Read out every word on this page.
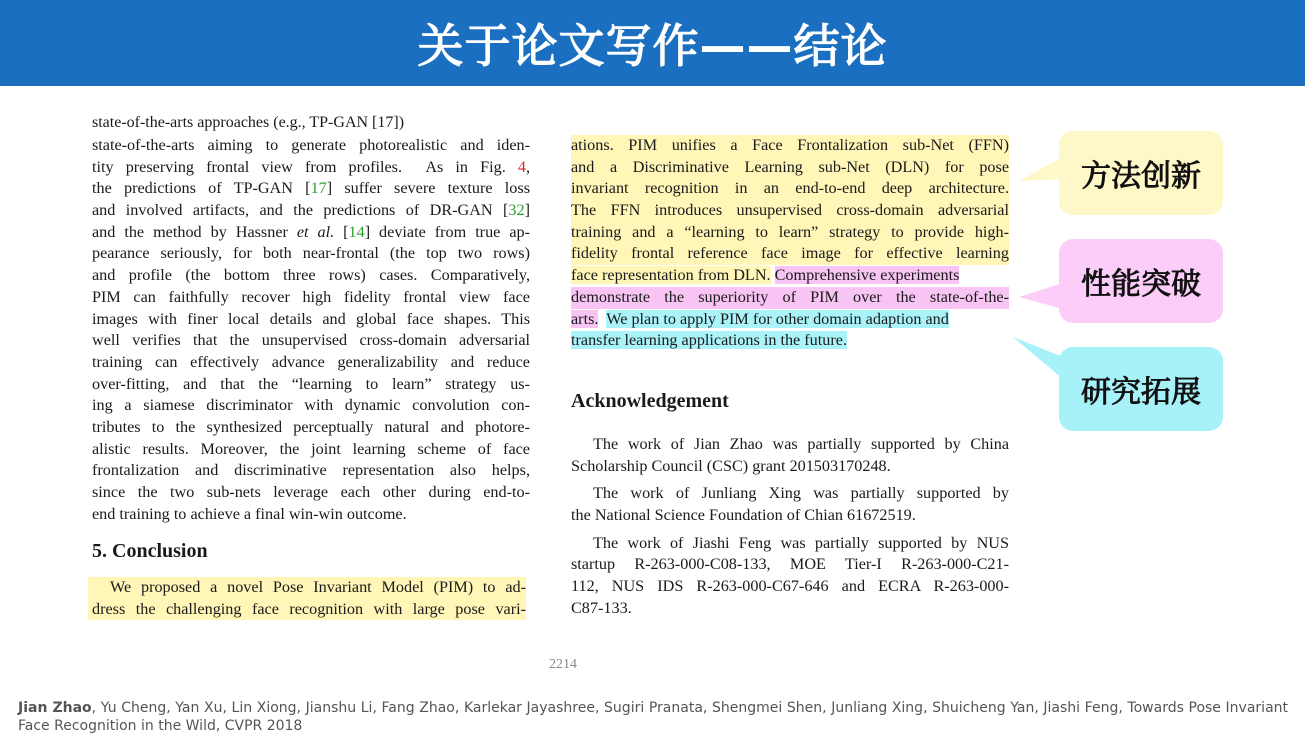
关于论文写作——结论
state-of-the-arts approaches (e.g., TP-GAN [17])
state-of-the-arts aiming to generate photorealistic and iden-
tity preserving frontal view from profiles.  As in Fig. 4,
the predictions of TP-GAN [17] suffer severe texture loss
and involved artifacts, and the predictions of DR-GAN [32]
and the method by Hassner et al. [14] deviate from true ap-
pearance seriously, for both near-frontal (the top two rows)
and profile (the bottom three rows) cases. Comparatively,
PIM can faithfully recover high fidelity frontal view face
images with finer local details and global face shapes. This
well verifies that the unsupervised cross-domain adversarial
training can effectively advance generalizability and reduce
over-fitting, and that the “learning to learn” strategy us-
ing a siamese discriminator with dynamic convolution con-
tributes to the synthesized perceptually natural and photore-
alistic results. Moreover, the joint learning scheme of face
frontalization and discriminative representation also helps,
since the two sub-nets leverage each other during end-to-
end training to achieve a final win-win outcome.
5. Conclusion
We proposed a novel Pose Invariant Model (PIM) to ad-
dress the challenging face recognition with large pose vari-
ations. PIM unifies a Face Frontalization sub-Net (FFN)
and a Discriminative Learning sub-Net (DLN) for pose
invariant recognition in an end-to-end deep architecture.
The FFN introduces unsupervised cross-domain adversarial
training and a “learning to learn” strategy to provide high-
fidelity frontal reference face image for effective learning
face representation from DLN. Comprehensive experiments
demonstrate the superiority of PIM over the state-of-the-
arts. We plan to apply PIM for other domain adaption and
transfer learning applications in the future.
Acknowledgement
The work of Jian Zhao was partially supported by China
Scholarship Council (CSC) grant 201503170248.
The work of Junliang Xing was partially supported by
the National Science Foundation of Chian 61672519.
The work of Jiashi Feng was partially supported by NUS
startup R-263-000-C08-133, MOE Tier-I R-263-000-C21-
112, NUS IDS R-263-000-C67-646 and ECRA R-263-000-
C87-133.
方法创新
性能突破
研究拓展
2214
Jian Zhao, Yu Cheng, Yan Xu, Lin Xiong, Jianshu Li, Fang Zhao, Karlekar Jayashree, Sugiri Pranata, Shengmei Shen, Junliang Xing, Shuicheng Yan, Jiashi Feng, Towards Pose Invariant Face Recognition in the Wild, CVPR 2018
